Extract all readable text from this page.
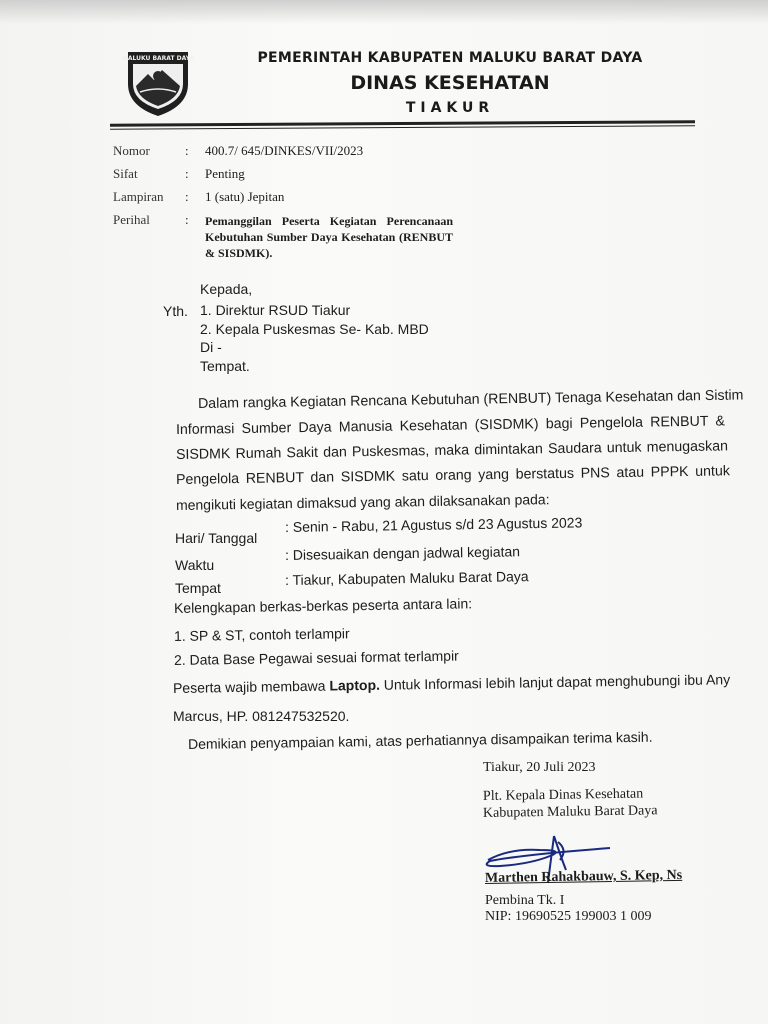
MALUKU BARAT DAYA	PEMERINTAH KABUPATEN MALUKU BARAT DAYA
DINAS KESEHATAN
TIAKUR
Nomor	: 400.7/ 645/DINKES/VII/2023
Sifat	: Penting
Lampiran : 1 (satu) Jepitan
Perihal	: Pemanggilan Peserta Kegiatan Perencanaan Kebutuhan Sumber Daya Kesehatan (RENBUT & SISDMK).
Kepada,
Yth. 1. Direktur RSUD Tiakur
2. Kepala Puskesmas Se- Kab. MBD
Di -
Tempat.
Dalam rangka Kegiatan Rencana Kebutuhan (RENBUT) Tenaga Kesehatan dan Sistim
Informasi Sumber Daya Manusia Kesehatan (SISDMK) bagi Pengelola RENBUT &
SISDMK Rumah Sakit dan Puskesmas, maka dimintakan Saudara untuk menugaskan
Pengelola RENBUT dan SISDMK satu orang yang berstatus PNS atau PPPK untuk
mengikuti kegiatan dimaksud yang akan dilaksanakan pada:
Hari/ Tanggal
: Senin - Rabu, 21 Agustus s/d 23 Agustus 2023
Waktu
: Disesuaikan dengan jadwal kegiatan
Tempat
: Tiakur, Kabupaten Maluku Barat Daya
Kelengkapan berkas-berkas peserta antara lain:
1. SP & ST, contoh terlampir
2. Data Base Pegawai sesuai format terlampir
Peserta wajib membawa Laptop. Untuk Informasi lebih lanjut dapat menghubungi ibu Any
Marcus, HP. 081247532520.
Demikian penyampaian kami, atas perhatiannya disampaikan terima kasih.
Tiakur, 20 Juli 2023
Plt. Kepala Dinas Kesehatan
Kabupaten Maluku Barat Daya
Marthen Rahakbauw, S. Kep, Ns
Pembina Tk. I
NIP: 19690525 199003 1 009
